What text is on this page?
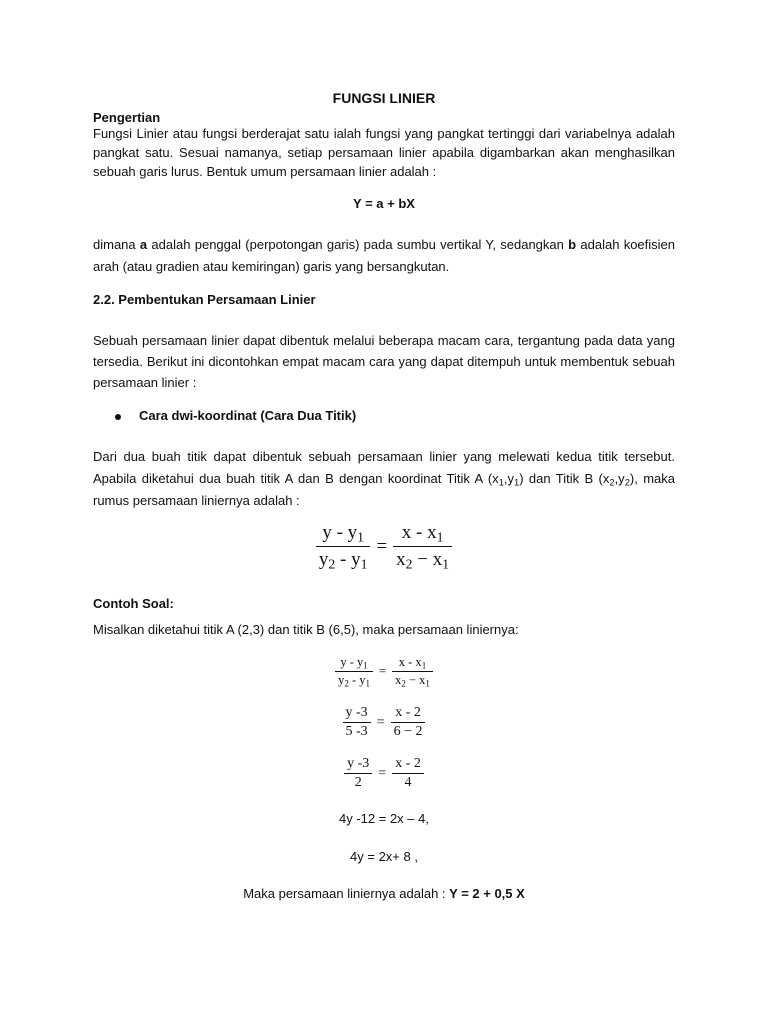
FUNGSI LINIER
Pengertian
Fungsi Linier atau fungsi berderajat satu ialah fungsi yang pangkat tertinggi dari variabelnya adalah pangkat satu. Sesuai namanya, setiap persamaan linier apabila digambarkan akan menghasilkan sebuah garis lurus. Bentuk umum persamaan linier adalah :
Y = a + bX
dimana a adalah penggal (perpotongan garis) pada sumbu vertikal Y, sedangkan b adalah koefisien arah (atau gradien atau kemiringan) garis yang bersangkutan.
2.2. Pembentukan Persamaan Linier
Sebuah persamaan linier dapat dibentuk melalui beberapa macam cara, tergantung pada data yang tersedia. Berikut ini dicontohkan empat macam cara yang dapat ditempuh untuk membentuk sebuah persamaan linier :
Cara dwi-koordinat (Cara Dua Titik)
Dari dua buah titik dapat dibentuk sebuah persamaan linier yang melewati kedua titik tersebut. Apabila diketahui dua buah titik A dan B dengan koordinat Titik A $(x_1,y_1)$ dan Titik B $(x_2,y_2)$, maka rumus persamaan liniernya adalah :
$\frac{y - y_1}{y_2 - y_1} = \frac{x - x_1}{x_2 - x_1}$
Contoh Soal:
Misalkan diketahui titik A (2,3) dan titik B (6,5), maka persamaan liniernya:
$\frac{y - y_1}{y_2 - y_1} = \frac{x - x_1}{x_2 - x_1}$
$\frac{y -3}{5 -3} = \frac{x - 2}{6 - 2}$
$\frac{y -3}{2} = \frac{x - 2}{4}$
4y -12 = 2x – 4,
4y = 2x+ 8 ,
Maka persamaan liniernya adalah : Y = 2 + 0,5 X
